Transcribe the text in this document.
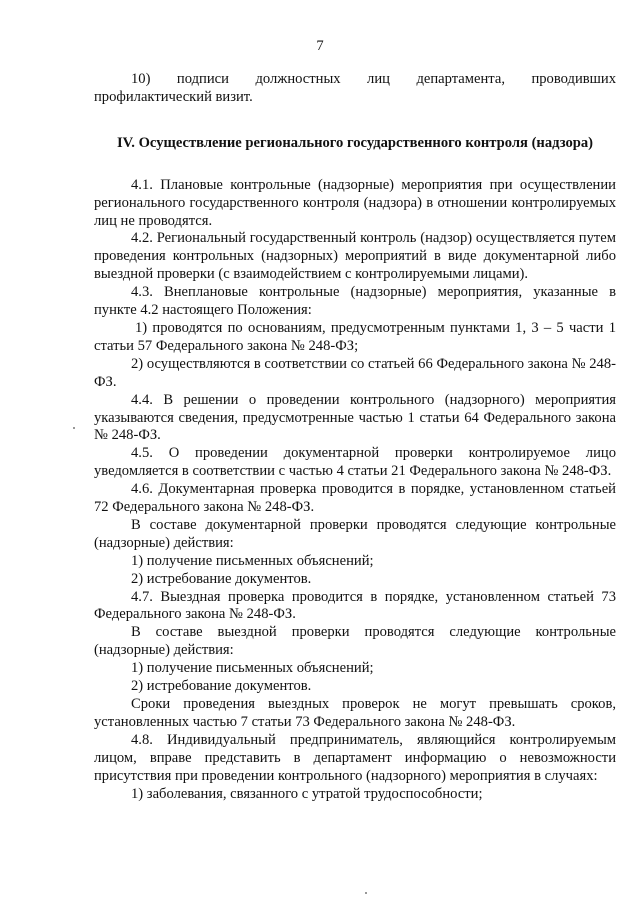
7

10) подписи должностных лиц департамента, проводивших

профилактический визит.

IV. Осуществление регионального государственного контроля (надзора)

4.1. Плановые контрольные (надзорные) мероприятия при осуществлении регионального государственного контроля (надзора) в отношении контролируемых лиц не проводятся.

4.2. Региональный государственный контроль (надзор) осуществляется путем проведения контрольных (надзорных) мероприятий в виде документарной либо выездной проверки (с взаимодействием с контролируемыми лицами).

4.3. Внеплановые контрольные (надзорные) мероприятия, указанные в пункте 4.2 настоящего Положения:

1) проводятся по основаниям, предусмотренным пунктами 1, 3 – 5 части 1 статьи 57 Федерального закона № 248-ФЗ;

2) осуществляются в соответствии со статьей 66 Федерального закона № 248-ФЗ.

4.4. В решении о проведении контрольного (надзорного) мероприятия указываются сведения, предусмотренные частью 1 статьи 64 Федерального закона № 248-ФЗ.

4.5. О проведении документарной проверки контролируемое лицо уведомляется в соответствии с частью 4 статьи 21 Федерального закона № 248-ФЗ.

4.6. Документарная проверка проводится в порядке, установленном статьей 72 Федерального закона № 248-ФЗ.

В составе документарной проверки проводятся следующие контрольные (надзорные) действия:

1) получение письменных объяснений;

2) истребование документов.

4.7. Выездная проверка проводится в порядке, установленном статьей 73 Федерального закона № 248-ФЗ.

В составе выездной проверки проводятся следующие контрольные (надзорные) действия:

1) получение письменных объяснений;

2) истребование документов.

Сроки проведения выездных проверок не могут превышать сроков, установленных частью 7 статьи 73 Федерального закона № 248-ФЗ.

4.8. Индивидуальный предприниматель, являющийся контролируемым лицом, вправе представить в департамент информацию о невозможности присутствия при проведении контрольного (надзорного) мероприятия в случаях:

1) заболевания, связанного с утратой трудоспособности;
